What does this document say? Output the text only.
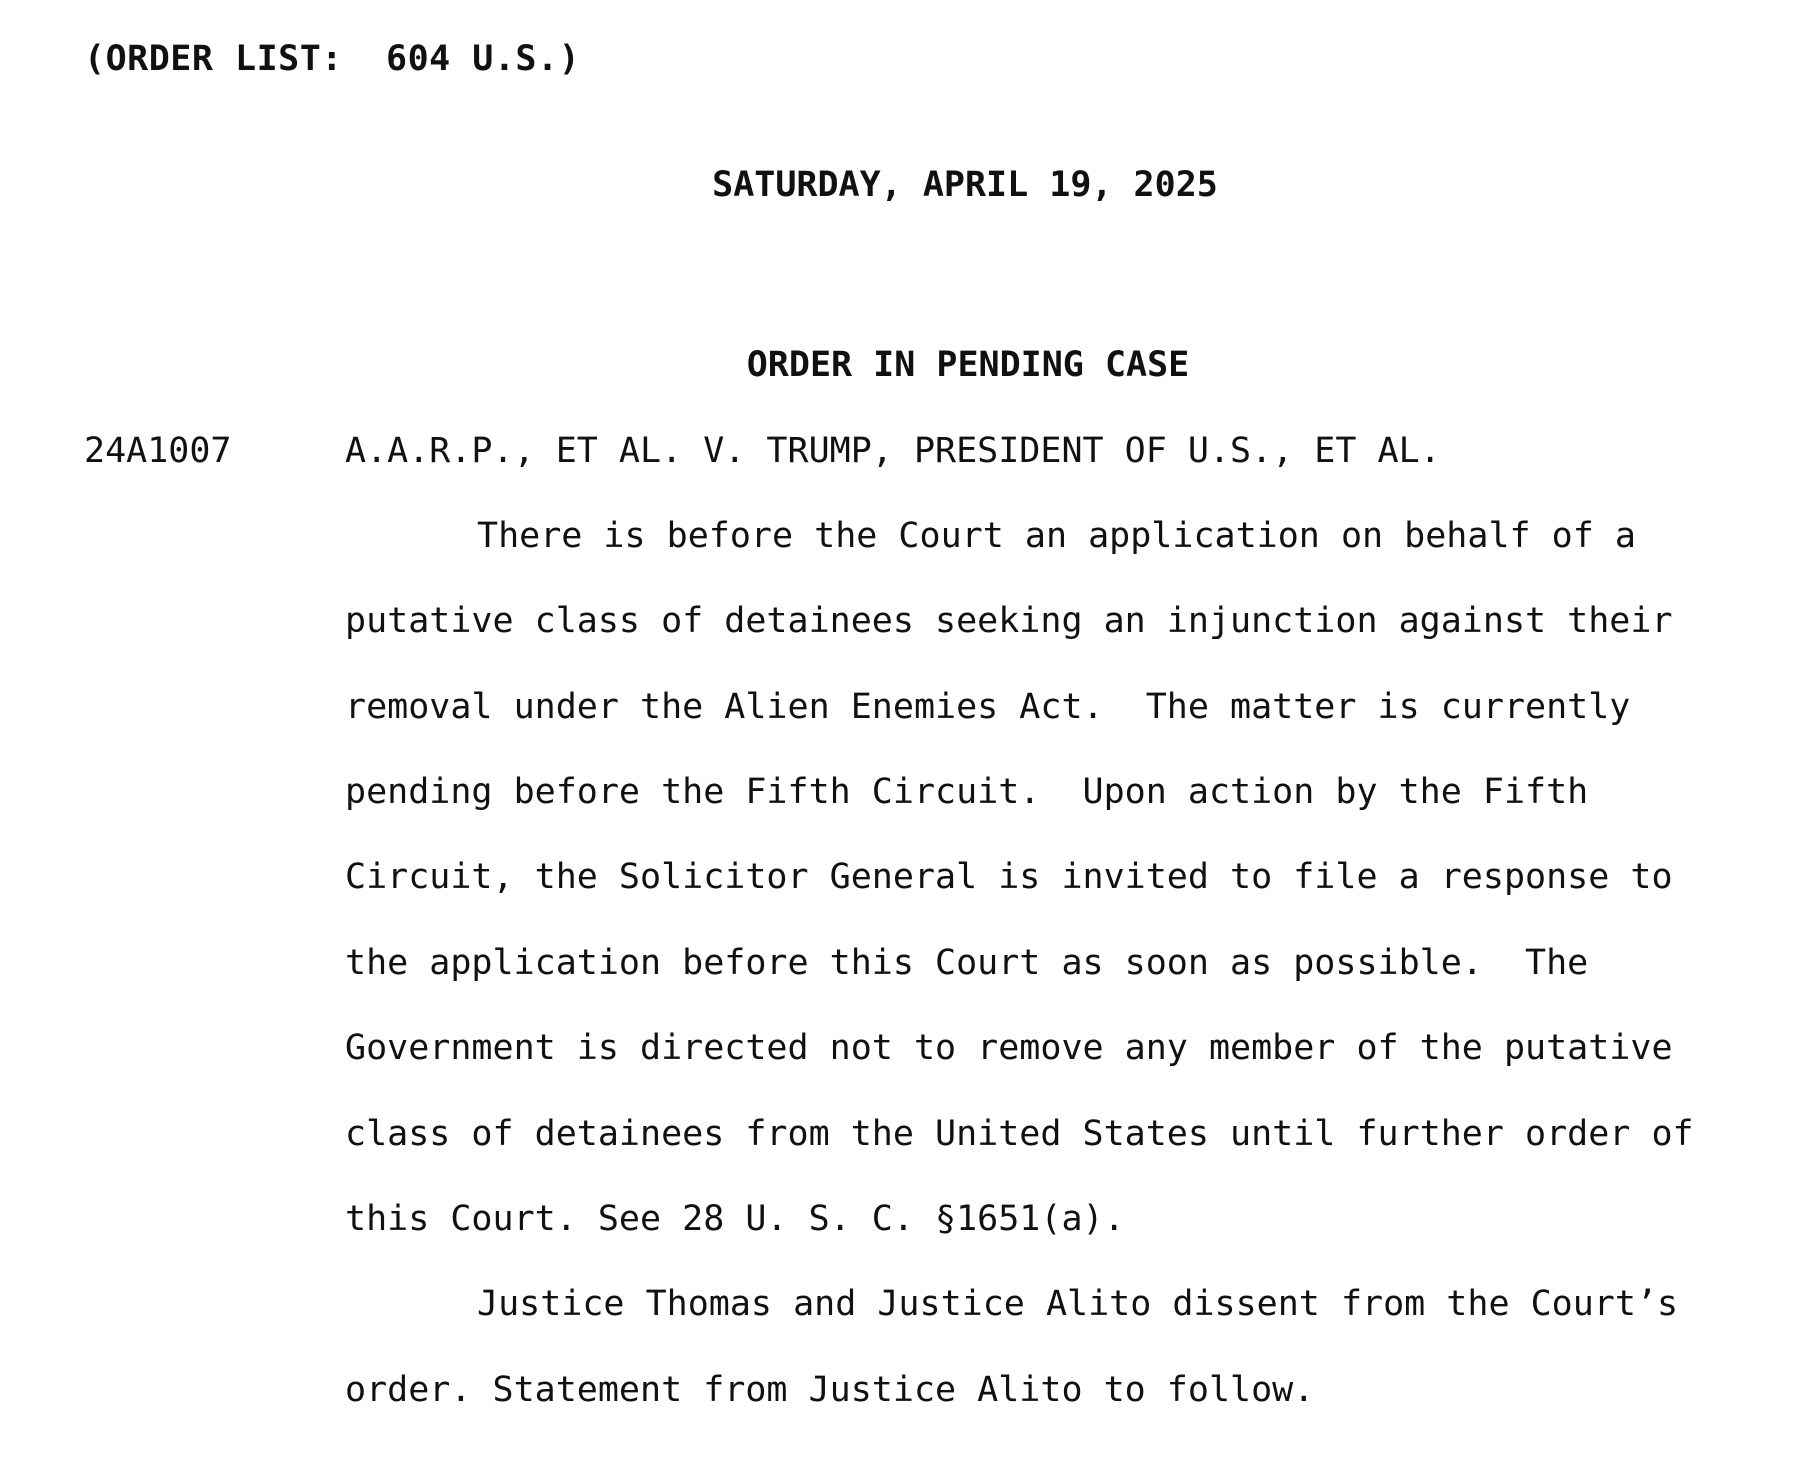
(ORDER LIST:  604 U.S.)
SATURDAY, APRIL 19, 2025
ORDER IN PENDING CASE
24A1007	A.A.R.P., ET AL. V. TRUMP, PRESIDENT OF U.S., ET AL.
There is before the Court an application on behalf of a
putative class of detainees seeking an injunction against their
removal under the Alien Enemies Act.  The matter is currently
pending before the Fifth Circuit.  Upon action by the Fifth
Circuit, the Solicitor General is invited to file a response to
the application before this Court as soon as possible.  The
Government is directed not to remove any member of the putative
class of detainees from the United States until further order of
this Court. See 28 U. S. C. §1651(a).
Justice Thomas and Justice Alito dissent from the Court’s
order. Statement from Justice Alito to follow.
